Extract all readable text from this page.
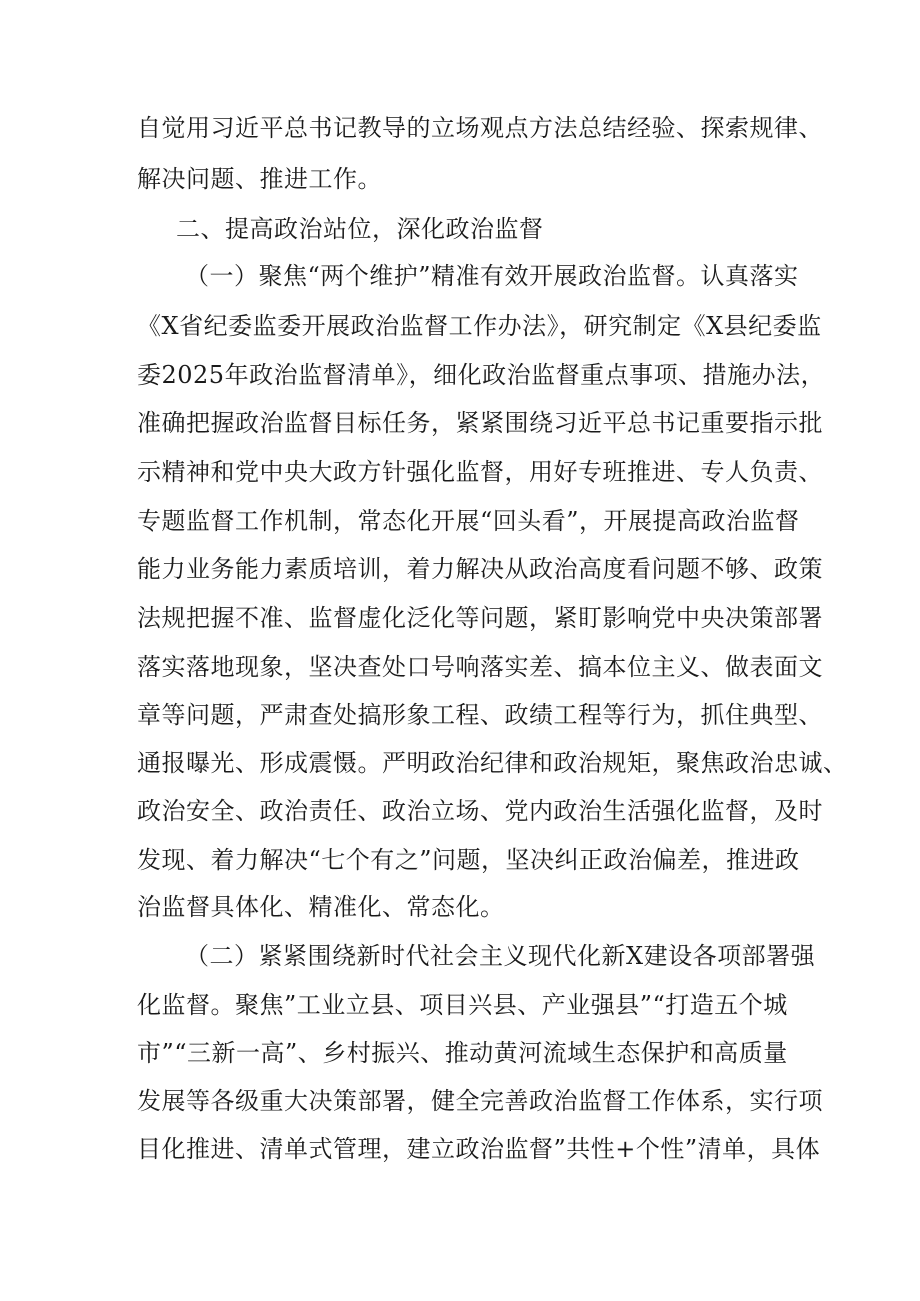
自觉用习近平总书记教导的立场观点方法总结经验、探索规律、
解决问题、推进工作。
二、提高政治站位，深化政治监督
（一）聚焦“两个维护”精准有效开展政治监督。认真落实
《X省纪委监委开展政治监督工作办法》，研究制定《X县纪委监
委2025年政治监督清单》，细化政治监督重点事项、措施办法，
准确把握政治监督目标任务，紧紧围绕习近平总书记重要指示批
示精神和党中央大政方针强化监督，用好专班推进、专人负责、
专题监督工作机制，常态化开展“回头看”，开展提高政治监督
能力业务能力素质培训，着力解决从政治高度看问题不够、政策
法规把握不准、监督虚化泛化等问题，紧盯影响党中央决策部署
落实落地现象，坚决查处口号响落实差、搞本位主义、做表面文
章等问题，严肃查处搞形象工程、政绩工程等行为，抓住典型、
通报曝光、形成震慑。严明政治纪律和政治规矩，聚焦政治忠诚、
政治安全、政治责任、政治立场、党内政治生活强化监督，及时
发现、着力解决“七个有之”问题，坚决纠正政治偏差，推进政
治监督具体化、精准化、常态化。
（二）紧紧围绕新时代社会主义现代化新X建设各项部署强
化监督。聚焦”工业立县、项目兴县、产业强县”“打造五个城
市”“三新一高”、乡村振兴、推动黄河流域生态保护和高质量
发展等各级重大决策部署，健全完善政治监督工作体系，实行项
目化推进、清单式管理，建立政治监督”共性+个性”清单，具体
